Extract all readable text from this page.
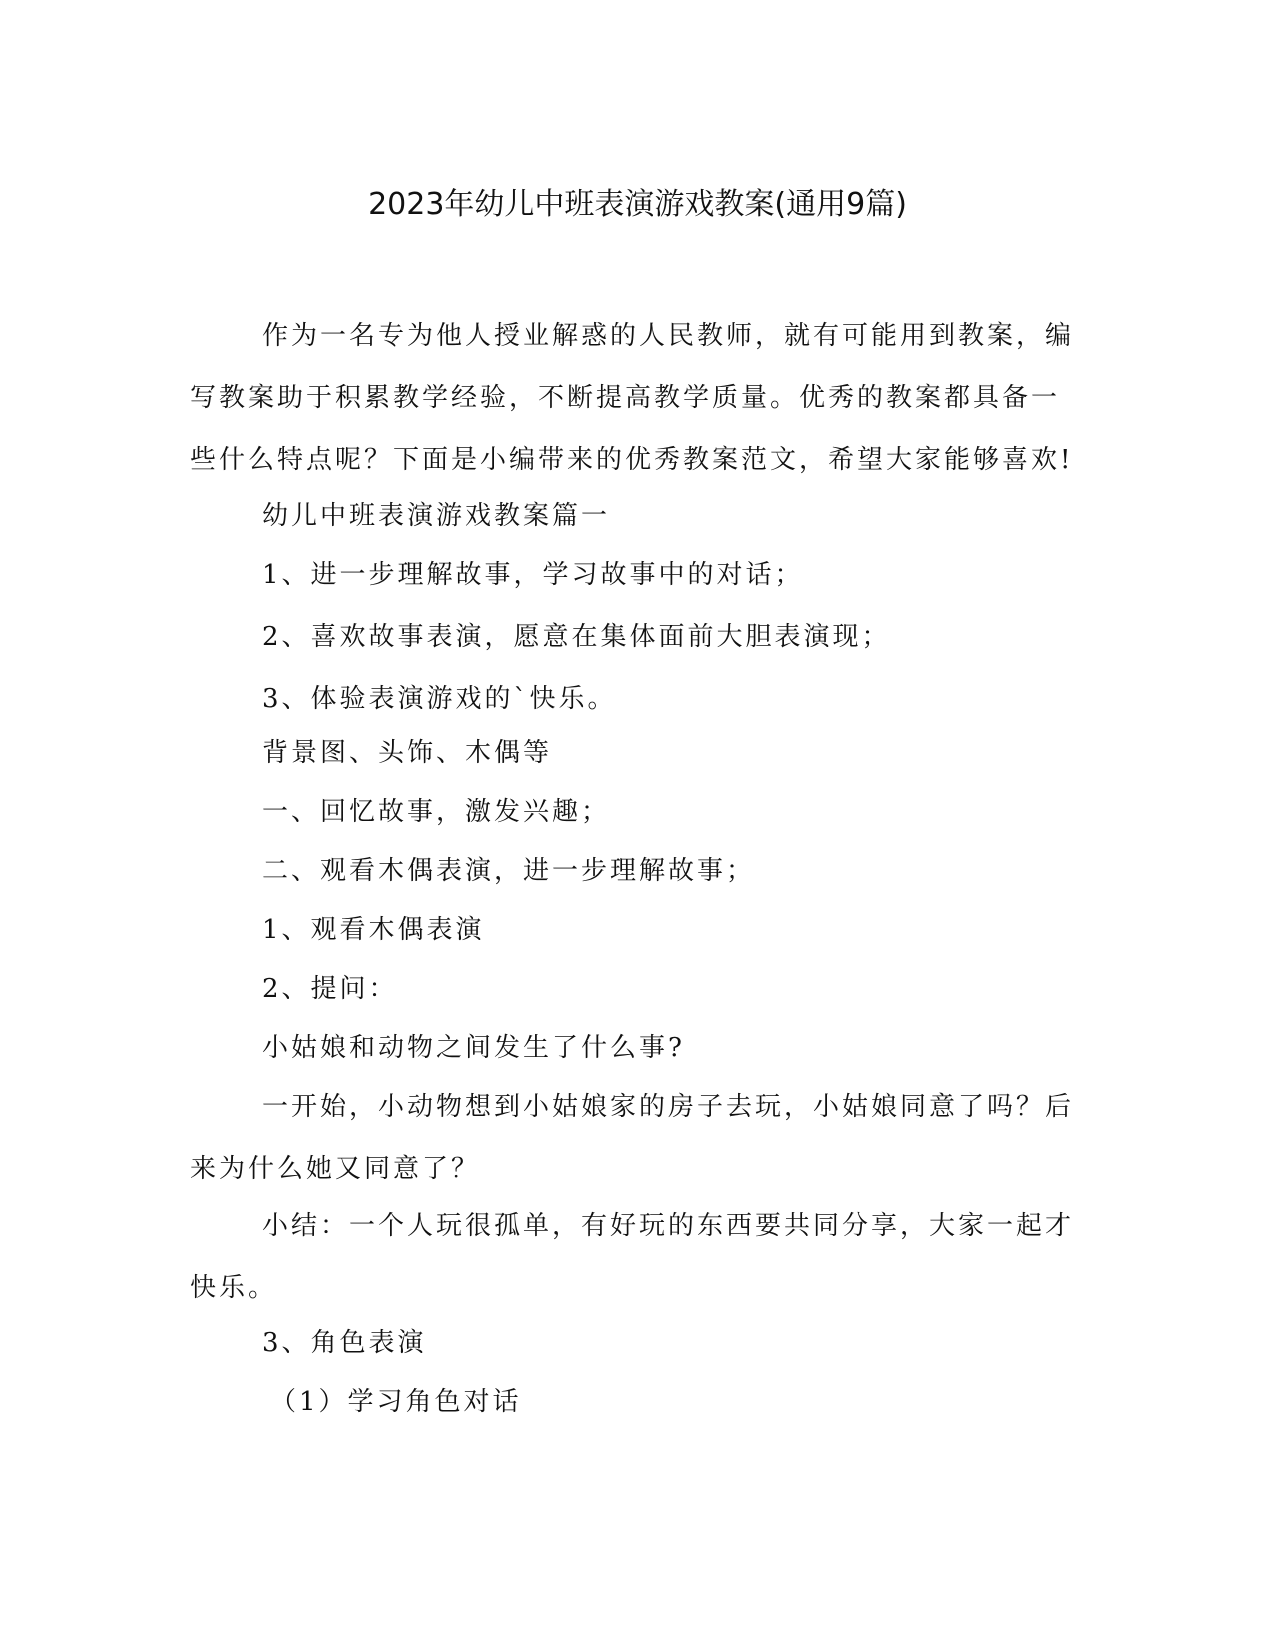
2023年幼儿中班表演游戏教案(通用9篇)
作为一名专为他人授业解惑的人民教师，就有可能用到教案，编
写教案助于积累教学经验，不断提高教学质量。优秀的教案都具备一
些什么特点呢？下面是小编带来的优秀教案范文，希望大家能够喜欢!
幼儿中班表演游戏教案篇一
1、进一步理解故事，学习故事中的对话；
2、喜欢故事表演，愿意在集体面前大胆表演现；
3、体验表演游戏的`快乐。
背景图、头饰、木偶等
一、回忆故事，激发兴趣；
二、观看木偶表演，进一步理解故事；
1、观看木偶表演
2、提问：
小姑娘和动物之间发生了什么事?
一开始，小动物想到小姑娘家的房子去玩，小姑娘同意了吗？后
来为什么她又同意了？
小结：一个人玩很孤单，有好玩的东西要共同分享，大家一起才
快乐。
3、角色表演
（1）学习角色对话
